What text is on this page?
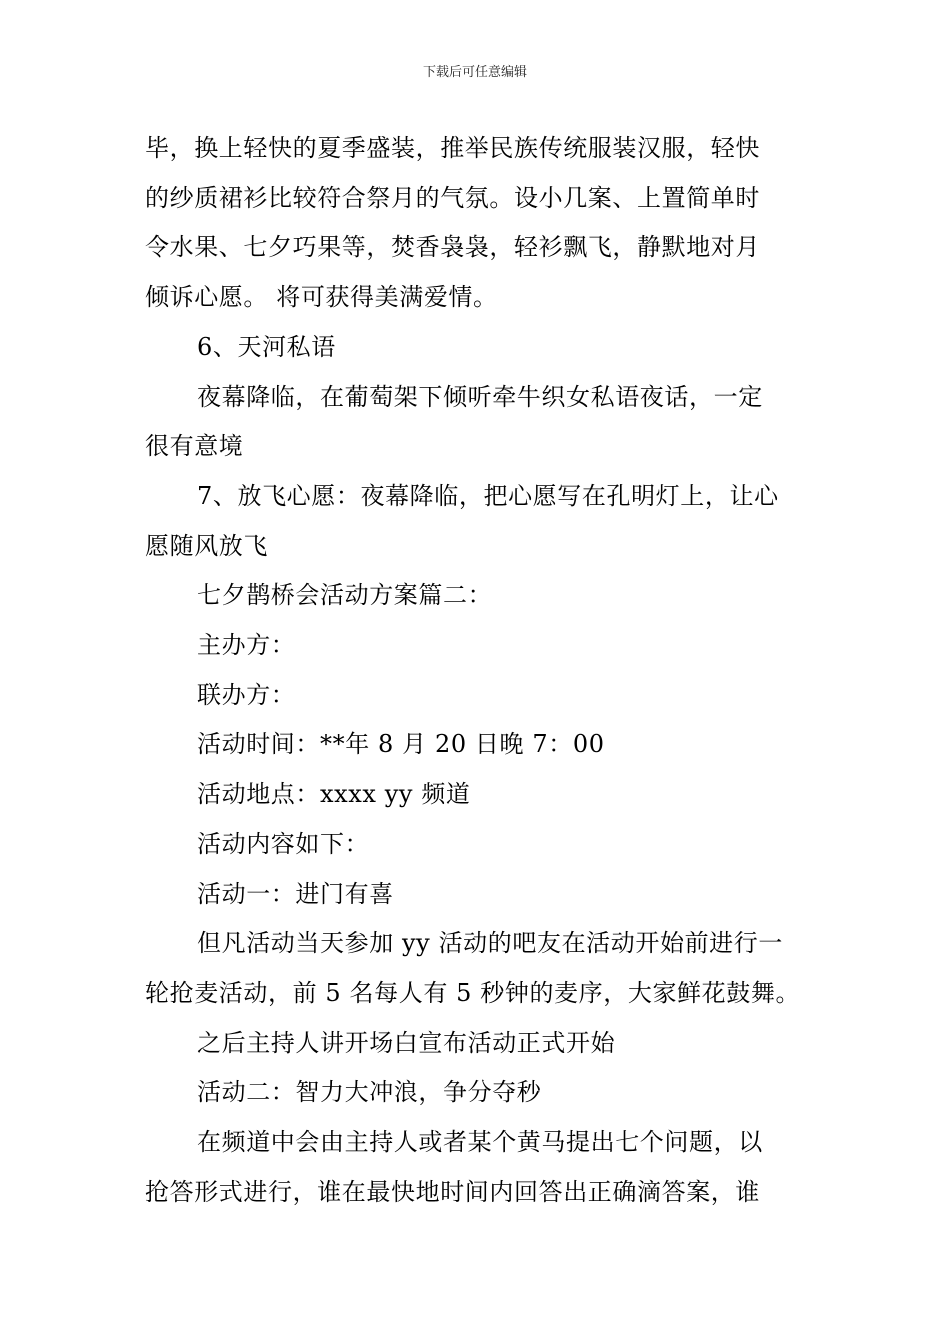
下载后可任意编辑

毕，换上轻快的夏季盛装，推举民族传统服装汉服，轻快

的纱质裙衫比较符合祭月的气氛。设小几案、上置简单时

令水果、七夕巧果等，焚香袅袅，轻衫飘飞，静默地对月

倾诉心愿。 将可获得美满爱情。

6、天河私语

夜幕降临，在葡萄架下倾听牵牛织女私语夜话，一定

很有意境

7、放飞心愿：夜幕降临，把心愿写在孔明灯上，让心

愿随风放飞

七夕鹊桥会活动方案篇二：

主办方：

联办方：

活动时间：**年 8 月 20 日晚 7：00

活动地点：xxxx yy 频道

活动内容如下：

活动一：进门有喜

但凡活动当天参加 yy 活动的吧友在活动开始前进行一

轮抢麦活动，前 5 名每人有 5 秒钟的麦序，大家鲜花鼓舞。

之后主持人讲开场白宣布活动正式开始

活动二：智力大冲浪，争分夺秒

在频道中会由主持人或者某个黄马提出七个问题，以

抢答形式进行，谁在最快地时间内回答出正确滴答案，谁
